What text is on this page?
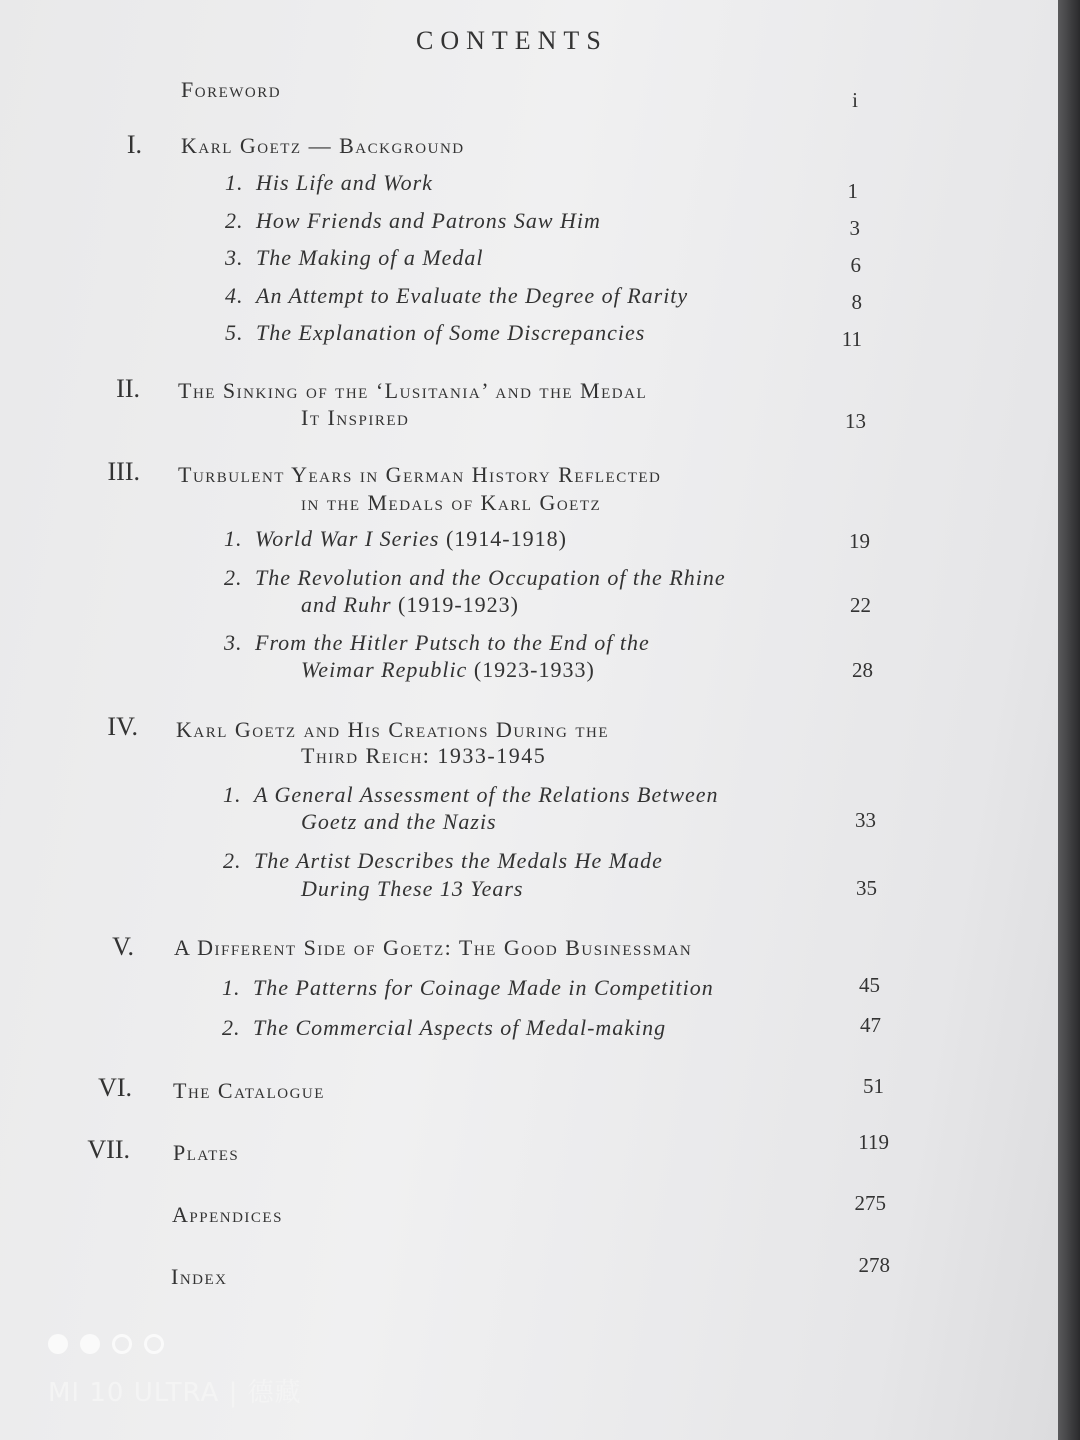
CONTENTS
Foreword	i
I. Karl Goetz — Background
1. His Life and Work	1
2. How Friends and Patrons Saw Him	3
3. The Making of a Medal	6
4. An Attempt to Evaluate the Degree of Rarity	8
5. The Explanation of Some Discrepancies	11
II. The Sinking of the ‘Lusitania’ and the Medal
It Inspired	13
III. Turbulent Years in German History Reflected
in the Medals of Karl Goetz
1. World War I Series (1914-1918)	19
2. The Revolution and the Occupation of the Rhine
and Ruhr (1919-1923)	22
3. From the Hitler Putsch to the End of the
Weimar Republic (1923-1933)	28
IV. Karl Goetz and His Creations During the
Third Reich: 1933-1945
1. A General Assessment of the Relations Between
Goetz and the Nazis	33
2. The Artist Describes the Medals He Made
During These 13 Years	35
V. A Different Side of Goetz: The Good Businessman
1. The Patterns for Coinage Made in Competition	45
2. The Commercial Aspects of Medal-making	47
VI. The Catalogue	51
VII. Plates	119
Appendices	275
Index	278
MI 10 ULTRA | 德藏
